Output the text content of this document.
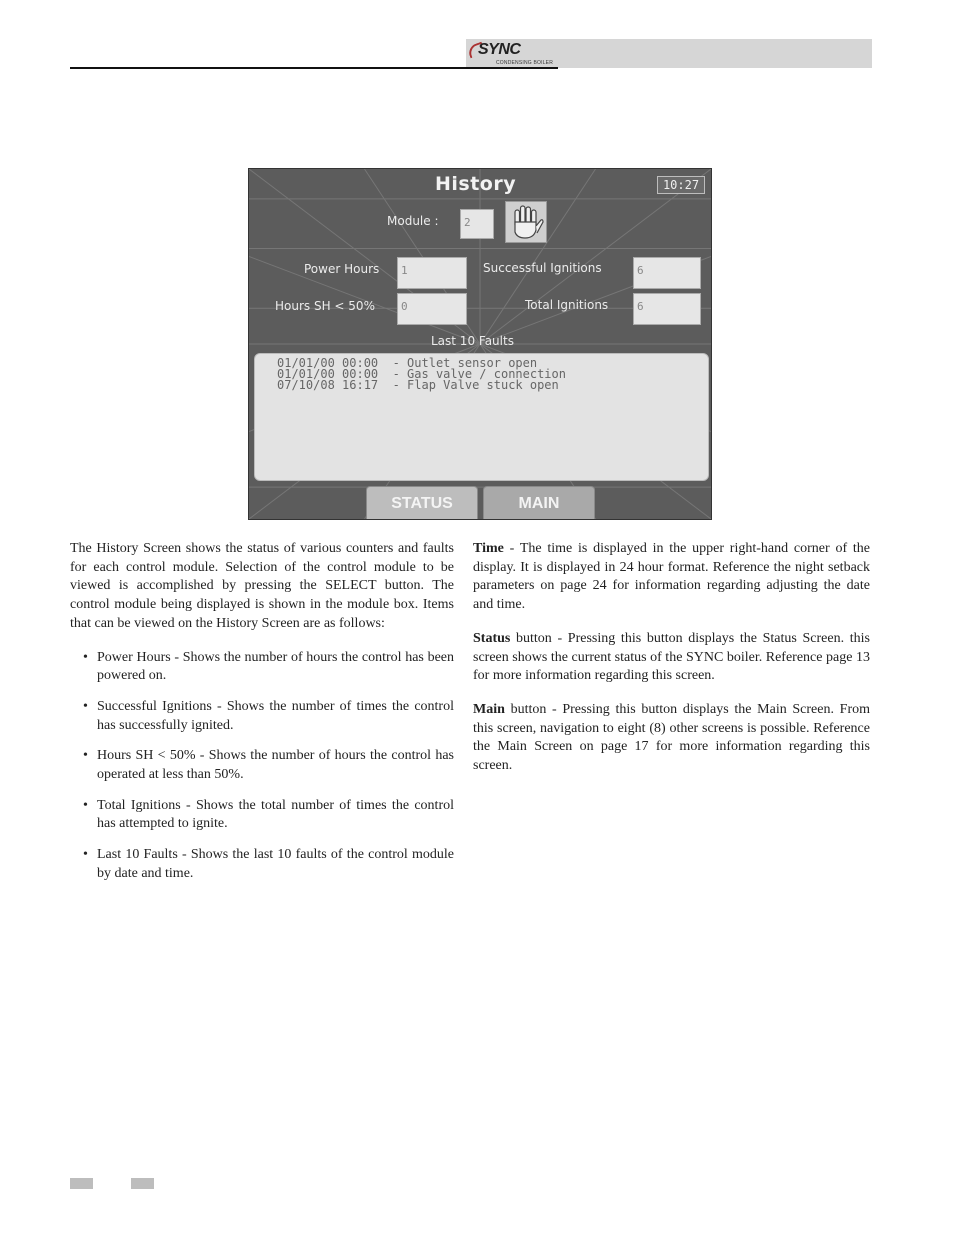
SYNC
CONDENSING BOILER
History	10:27
Module :	2
Power Hours	1	Successful Ignitions	6
Hours SH < 50%	0	Total Ignitions	6
Last 10 Faults
01/01/00 00:00  - Outlet sensor open
01/01/00 00:00  - Gas valve / connection
07/10/08 16:17  - Flap Valve stuck open
STATUS	MAIN

The History Screen shows the status of various counters and faults for each control module. Selection of the control module to be viewed is accomplished by pressing the SELECT button. The control module being displayed is shown in the module box. Items that can be viewed on the History Screen are as follows:

• Power Hours - Shows the number of hours the control has been powered on.
• Successful Ignitions - Shows the number of times the control has successfully ignited.
• Hours SH < 50% - Shows the number of hours the control has operated at less than 50%.
• Total Ignitions - Shows the total number of times the control has attempted to ignite.
• Last 10 Faults - Shows the last 10 faults of the control module by date and time.

Time - The time is displayed in the upper right-hand corner of the display. It is displayed in 24 hour format. Reference the night setback parameters on page 24 for information regarding adjusting the date and time.

Status button - Pressing this button displays the Status Screen. this screen shows the current status of the SYNC boiler. Reference page 13 for more information regarding this screen.

Main button - Pressing this button displays the Main Screen. From this screen, navigation to eight (8) other screens is possible. Reference the Main Screen on page 17 for more information regarding this screen.
